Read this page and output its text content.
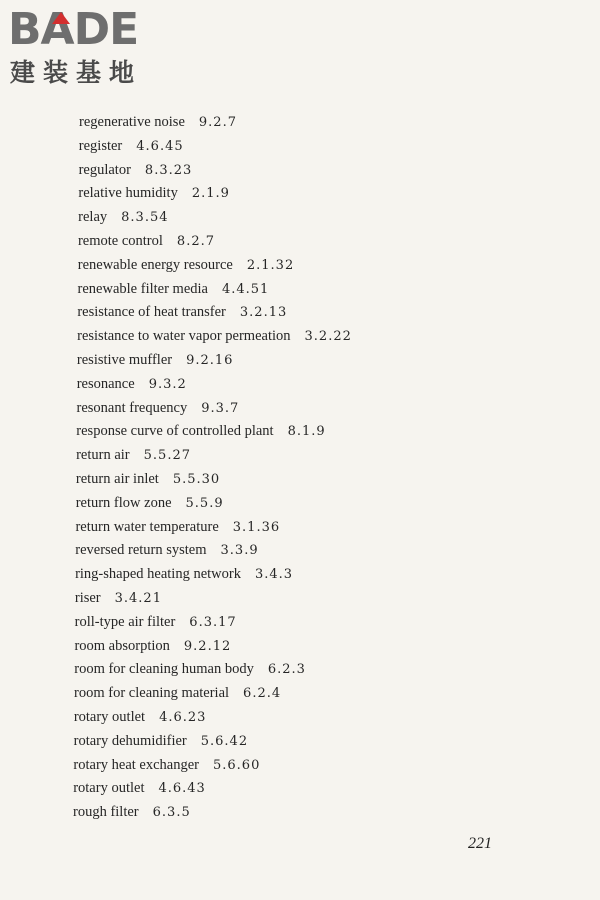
BADE
建装基地
regenerative noise 9.2.7
register 4.6.45
regulator 8.3.23
relative humidity 2.1.9
relay 8.3.54
remote control 8.2.7
renewable energy resource 2.1.32
renewable filter media 4.4.51
resistance of heat transfer 3.2.13
resistance to water vapor permeation 3.2.22
resistive muffler 9.2.16
resonance 9.3.2
resonant frequency 9.3.7
response curve of controlled plant 8.1.9
return air 5.5.27
return air inlet 5.5.30
return flow zone 5.5.9
return water temperature 3.1.36
reversed return system 3.3.9
ring-shaped heating network 3.4.3
riser 3.4.21
roll-type air filter 6.3.17
room absorption 9.2.12
room for cleaning human body 6.2.3
room for cleaning material 6.2.4
rotary outlet 4.6.23
rotary dehumidifier 5.6.42
rotary heat exchanger 5.6.60
rotary outlet 4.6.43
rough filter 6.3.5
221
